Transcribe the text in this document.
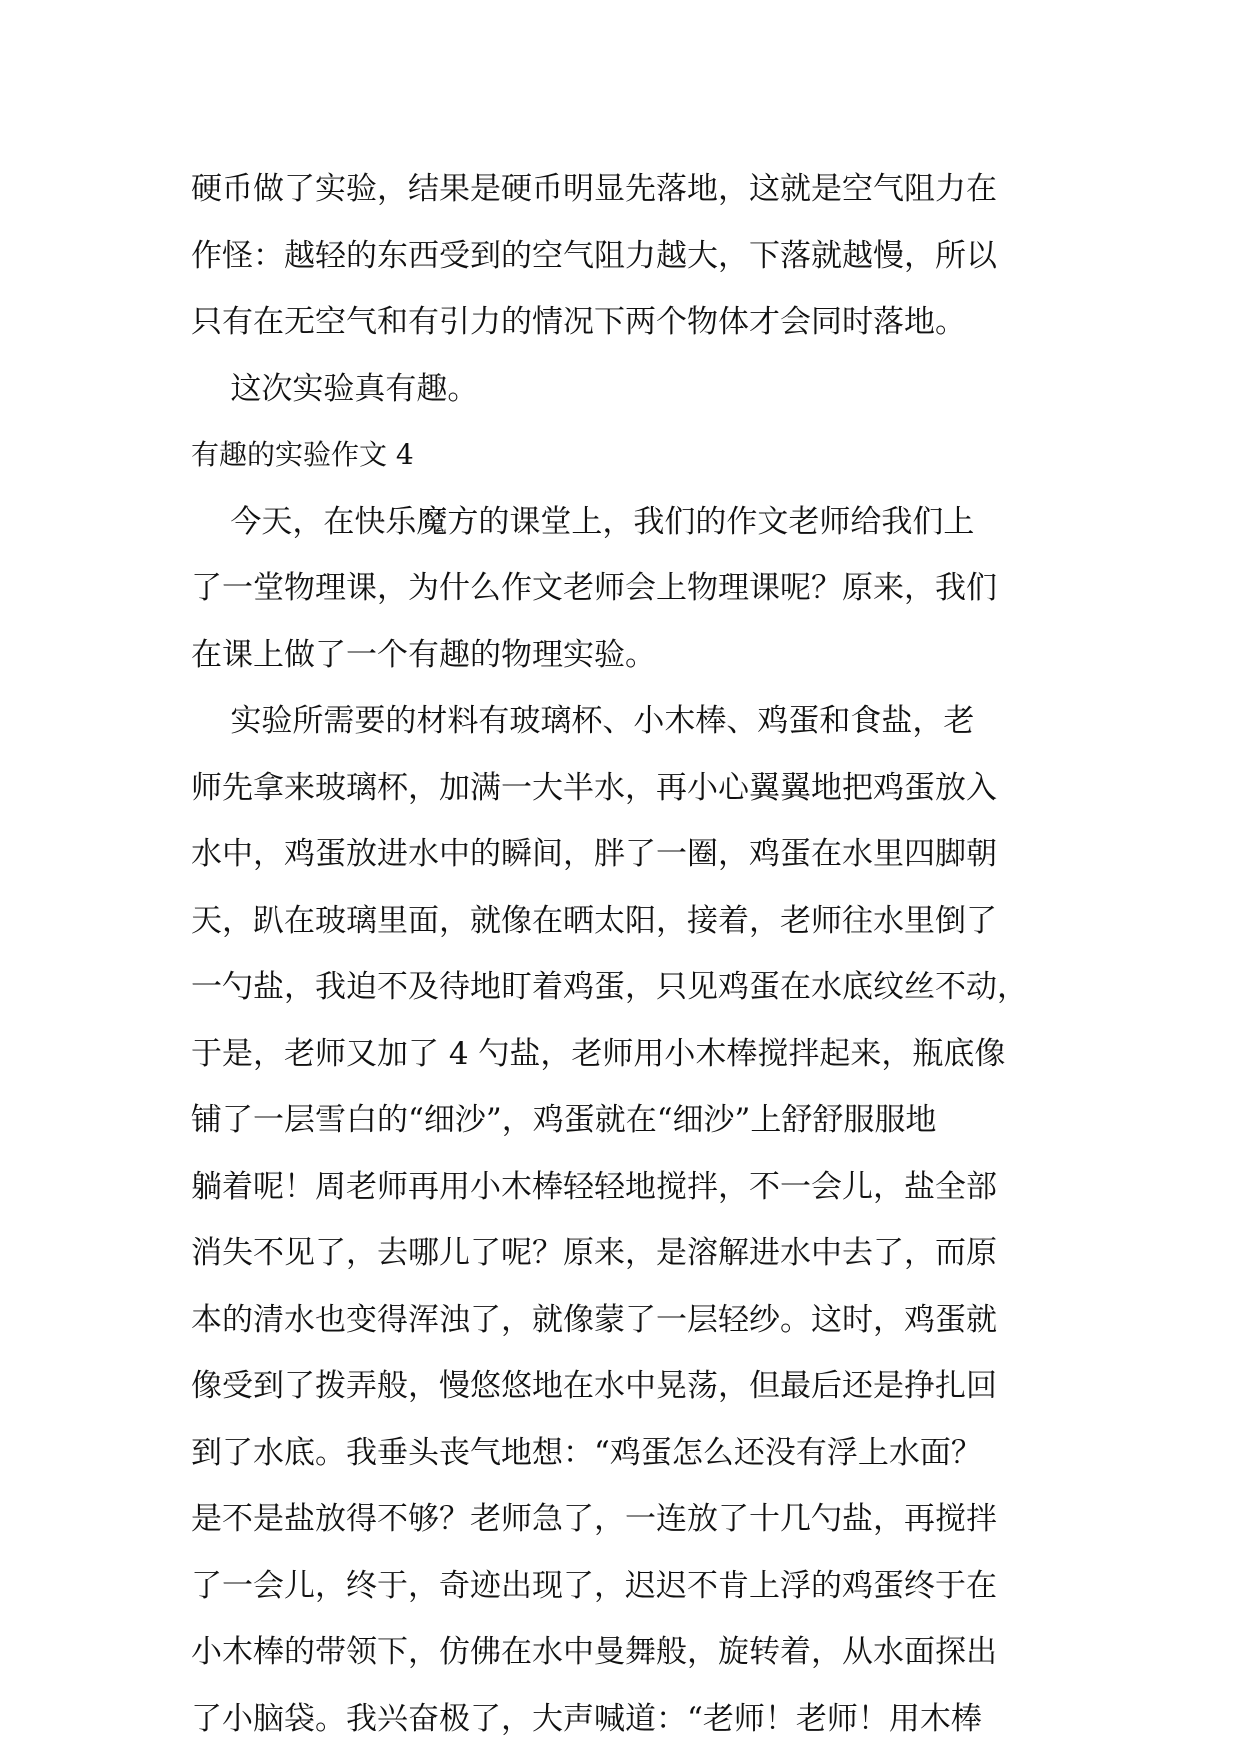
硬币做了实验，结果是硬币明显先落地，这就是空气阻力在
作怪：越轻的东西受到的空气阻力越大，下落就越慢，所以
只有在无空气和有引力的情况下两个物体才会同时落地。
这次实验真有趣。
有趣的实验作文 4
今天，在快乐魔方的课堂上，我们的作文老师给我们上
了一堂物理课，为什么作文老师会上物理课呢？原来，我们
在课上做了一个有趣的物理实验。
实验所需要的材料有玻璃杯、小木棒、鸡蛋和食盐，老
师先拿来玻璃杯，加满一大半水，再小心翼翼地把鸡蛋放入
水中，鸡蛋放进水中的瞬间，胖了一圈，鸡蛋在水里四脚朝
天，趴在玻璃里面，就像在晒太阳，接着，老师往水里倒了
一勺盐，我迫不及待地盯着鸡蛋，只见鸡蛋在水底纹丝不动，
于是，老师又加了 4 勺盐，老师用小木棒搅拌起来，瓶底像
铺了一层雪白的“细沙”，鸡蛋就在“细沙”上舒舒服服地
躺着呢！周老师再用小木棒轻轻地搅拌，不一会儿，盐全部
消失不见了，去哪儿了呢？原来，是溶解进水中去了，而原
本的清水也变得浑浊了，就像蒙了一层轻纱。这时，鸡蛋就
像受到了拨弄般，慢悠悠地在水中晃荡，但最后还是挣扎回
到了水底。我垂头丧气地想：“鸡蛋怎么还没有浮上水面？
是不是盐放得不够？老师急了，一连放了十几勺盐，再搅拌
了一会儿，终于，奇迹出现了，迟迟不肯上浮的鸡蛋终于在
小木棒的带领下，仿佛在水中曼舞般，旋转着，从水面探出
了小脑袋。我兴奋极了，大声喊道：“老师！老师！用木棒
